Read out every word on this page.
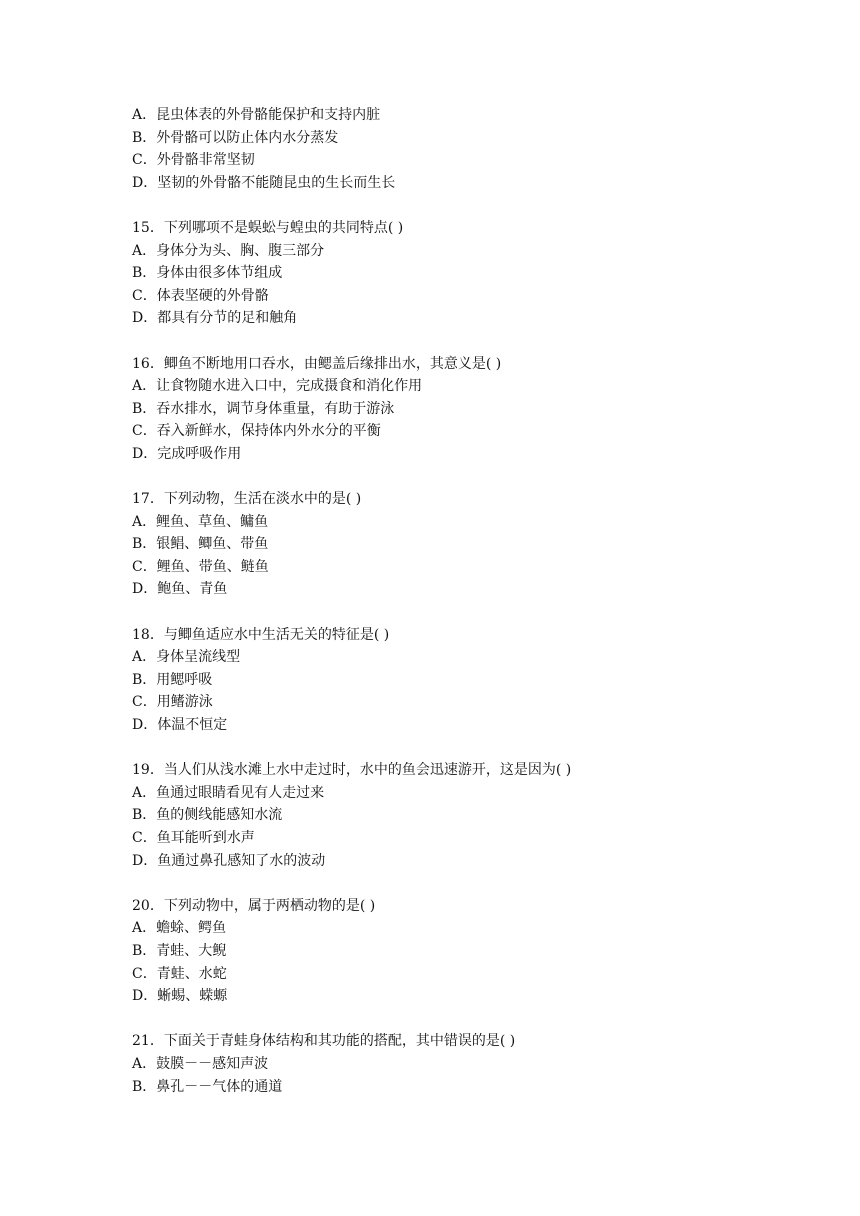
A．昆虫体表的外骨骼能保护和支持内脏
B．外骨骼可以防止体内水分蒸发
C．外骨骼非常坚韧
D．坚韧的外骨骼不能随昆虫的生长而生长
15．下列哪项不是蜈蚣与蝗虫的共同特点( )
A．身体分为头、胸、腹三部分
B．身体由很多体节组成
C．体表坚硬的外骨骼
D．都具有分节的足和触角
16．鲫鱼不断地用口吞水，由鳃盖后缘排出水，其意义是( )
A．让食物随水进入口中，完成摄食和消化作用
B．吞水排水，调节身体重量，有助于游泳
C．吞入新鲜水，保持体内外水分的平衡
D．完成呼吸作用
17．下列动物，生活在淡水中的是( )
A．鲤鱼、草鱼、鳙鱼
B．银鲳、鲫鱼、带鱼
C．鲤鱼、带鱼、鲢鱼
D．鲍鱼、青鱼
18．与鲫鱼适应水中生活无关的特征是( )
A．身体呈流线型
B．用鳃呼吸
C．用鳍游泳
D．体温不恒定
19．当人们从浅水滩上水中走过时，水中的鱼会迅速游开，这是因为( )
A．鱼通过眼睛看见有人走过来
B．鱼的侧线能感知水流
C．鱼耳能听到水声
D．鱼通过鼻孔感知了水的波动
20．下列动物中，属于两栖动物的是( )
A．蟾蜍、鳄鱼
B．青蛙、大鲵
C．青蛙、水蛇
D．蜥蜴、蝾螈
21．下面关于青蛙身体结构和其功能的搭配，其中错误的是( )
A．鼓膜－－感知声波
B．鼻孔－－气体的通道
